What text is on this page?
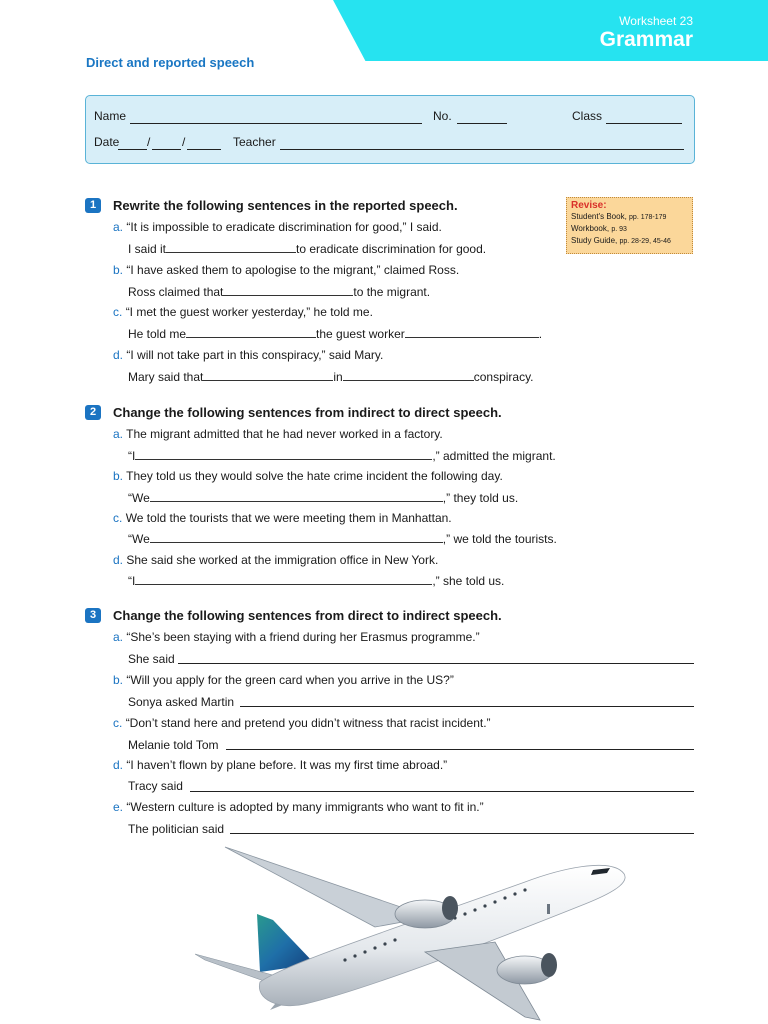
Worksheet 23
Grammar
Direct and reported speech
Name	No.	Class
Date /	/	Teacher
Revise:
Student's Book, pp. 178-179
Workbook, p. 93
Study Guide, pp. 28-29, 45-46
1	Rewrite the following sentences in the reported speech.
a. “It is impossible to eradicate discrimination for good,” I said.
I said it	to eradicate discrimination for good.
b. “I have asked them to apologise to the migrant,” claimed Ross.
Ross claimed that	to the migrant.
c. “I met the guest worker yesterday,” he told me.
He told me	the guest worker	.
d. “I will not take part in this conspiracy,” said Mary.
Mary said that	in	conspiracy.
2	Change the following sentences from indirect to direct speech.
a. The migrant admitted that he had never worked in a factory.
“I	,” admitted the migrant.
b. They told us they would solve the hate crime incident the following day.
“We	,” they told us.
c. We told the tourists that we were meeting them in Manhattan.
“We	,” we told the tourists.
d. She said she worked at the immigration office in New York.
“I	,” she told us.
3	Change the following sentences from direct to indirect speech.
a. “She’s been staying with a friend during her Erasmus programme.”
She said
b. “Will you apply for the green card when you arrive in the US?”
Sonya asked Martin
c. “Don’t stand here and pretend you didn’t witness that racist incident.”
Melanie told Tom
d. “I haven’t flown by plane before. It was my first time abroad.”
Tracy said
e. “Western culture is adopted by many immigrants who want to fit in.”
The politician said
